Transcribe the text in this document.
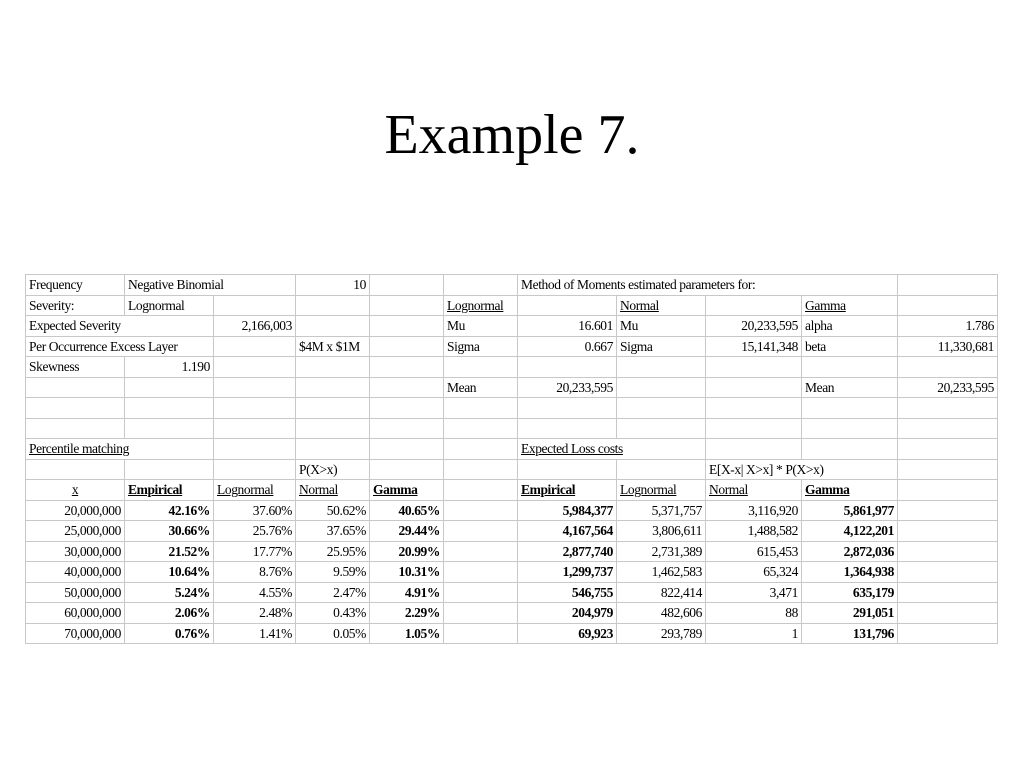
Example 7.
Frequency	Negative Binomial		10			Method of Moments estimated parameters for:				
Severity:	Lognormal				Lognormal		Normal		Gamma	
Expected Severity		2,166,003			Mu	16.601	Mu	20,233,595	alpha	1.786
Per Occurrence Excess Layer			$4M x $1M		Sigma	0.667	Sigma	15,141,348	beta	11,330,681
Skewness	1.190									
					Mean	20,233,595			Mean	20,233,595

Percentile matching						Expected Loss costs				
			P(X>x)					E[X-x| X>x] * P(X>x)		
x	Empirical	Lognormal	Normal	Gamma		Empirical	Lognormal	Normal	Gamma	
20,000,000	42.16%	37.60%	50.62%	40.65%		5,984,377	5,371,757	3,116,920	5,861,977	
25,000,000	30.66%	25.76%	37.65%	29.44%		4,167,564	3,806,611	1,488,582	4,122,201	
30,000,000	21.52%	17.77%	25.95%	20.99%		2,877,740	2,731,389	615,453	2,872,036	
40,000,000	10.64%	8.76%	9.59%	10.31%		1,299,737	1,462,583	65,324	1,364,938	
50,000,000	5.24%	4.55%	2.47%	4.91%		546,755	822,414	3,471	635,179	
60,000,000	2.06%	2.48%	0.43%	2.29%		204,979	482,606	88	291,051	
70,000,000	0.76%	1.41%	0.05%	1.05%		69,923	293,789	1	131,796	
